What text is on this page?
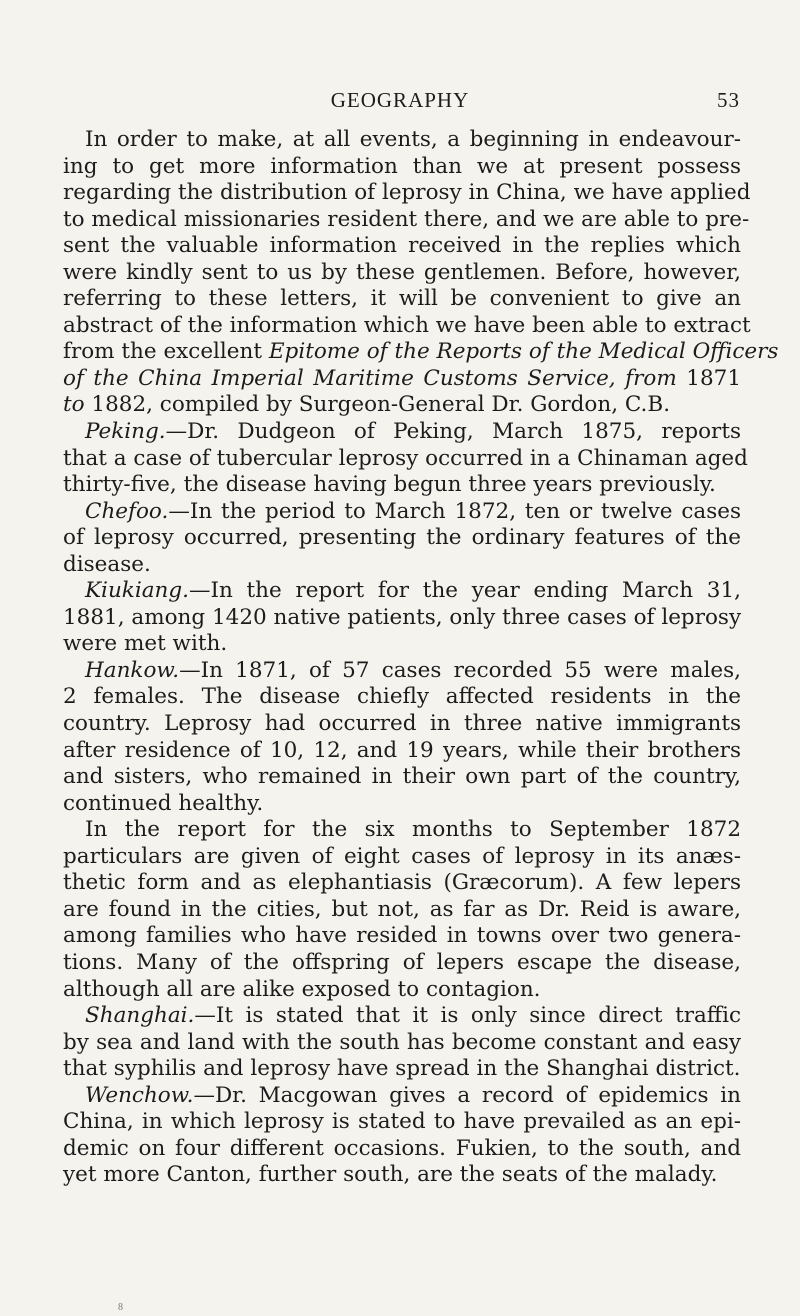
GEOGRAPHY	53
In order to make, at all events, a beginning in endeavour-
ing to get more information than we at present possess
regarding the distribution of leprosy in China, we have applied
to medical missionaries resident there, and we are able to pre-
sent the valuable information received in the replies which
were kindly sent to us by these gentlemen. Before, however,
referring to these letters, it will be convenient to give an
abstract of the information which we have been able to extract
from the excellent Epitome of the Reports of the Medical Officers
of the China Imperial Maritime Customs Service, from 1871
to 1882, compiled by Surgeon-General Dr. Gordon, C.B.
Peking.—Dr. Dudgeon of Peking, March 1875, reports
that a case of tubercular leprosy occurred in a Chinaman aged
thirty-five, the disease having begun three years previously.
Chefoo.—In the period to March 1872, ten or twelve cases
of leprosy occurred, presenting the ordinary features of the
disease.
Kiukiang.—In the report for the year ending March 31,
1881, among 1420 native patients, only three cases of leprosy
were met with.
Hankow.—In 1871, of 57 cases recorded 55 were males,
2 females. The disease chiefly affected residents in the
country. Leprosy had occurred in three native immigrants
after residence of 10, 12, and 19 years, while their brothers
and sisters, who remained in their own part of the country,
continued healthy.
In the report for the six months to September 1872
particulars are given of eight cases of leprosy in its anæs-
thetic form and as elephantiasis (Græcorum). A few lepers
are found in the cities, but not, as far as Dr. Reid is aware,
among families who have resided in towns over two genera-
tions. Many of the offspring of lepers escape the disease,
although all are alike exposed to contagion.
Shanghai.—It is stated that it is only since direct traffic
by sea and land with the south has become constant and easy
that syphilis and leprosy have spread in the Shanghai district.
Wenchow.—Dr. Macgowan gives a record of epidemics in
China, in which leprosy is stated to have prevailed as an epi-
demic on four different occasions. Fukien, to the south, and
yet more Canton, further south, are the seats of the malady.
8
